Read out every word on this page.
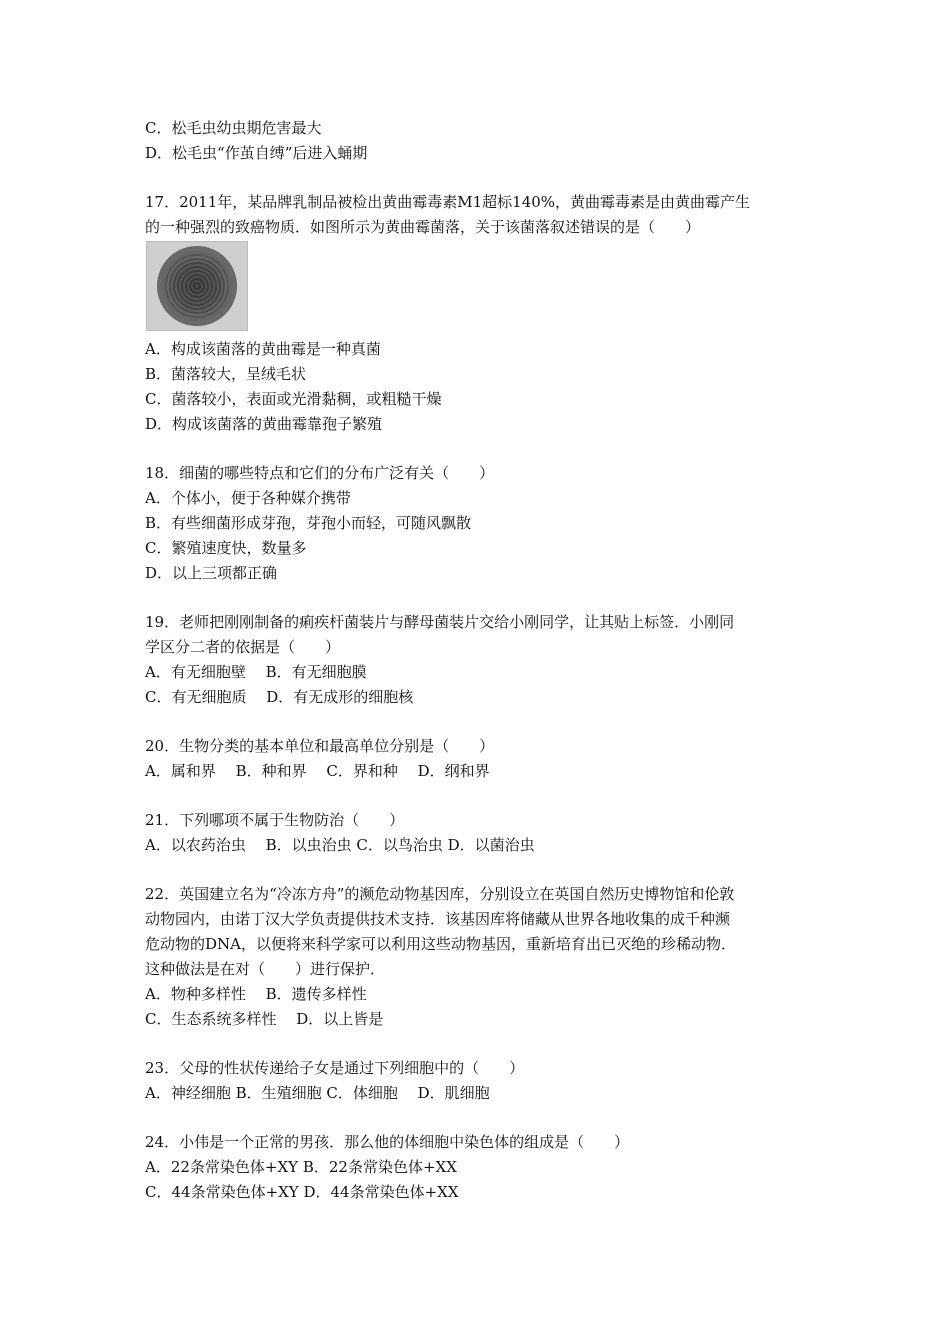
C．松毛虫幼虫期危害最大
D．松毛虫“作茧自缚”后进入蛹期
17．2011年，某品牌乳制品被检出黄曲霉毒素M1超标140%，黄曲霉毒素是由黄曲霉产生
的一种强烈的致癌物质．如图所示为黄曲霉菌落，关于该菌落叙述错误的是（　　）
A．构成该菌落的黄曲霉是一种真菌
B．菌落较大，呈绒毛状
C．菌落较小，表面或光滑黏稠，或粗糙干燥
D．构成该菌落的黄曲霉靠孢子繁殖
18．细菌的哪些特点和它们的分布广泛有关（　　）
A．个体小，便于各种媒介携带
B．有些细菌形成芽孢，芽孢小而轻，可随风飘散
C．繁殖速度快，数量多
D．以上三项都正确
19．老师把刚刚制备的痢疾杆菌装片与酵母菌装片交给小刚同学，让其贴上标签．小刚同
学区分二者的依据是（　　）
A．有无细胞壁　 B．有无细胞膜
C．有无细胞质　 D．有无成形的细胞核
20．生物分类的基本单位和最高单位分别是（　　）
A．属和界　 B．种和界　 C．界和种　 D．纲和界
21．下列哪项不属于生物防治（　　）
A．以农药治虫　 B．以虫治虫 C．以鸟治虫 D．以菌治虫
22．英国建立名为“冷冻方舟”的濒危动物基因库，分别设立在英国自然历史博物馆和伦敦
动物园内，由诺丁汉大学负责提供技术支持．该基因库将储藏从世界各地收集的成千种濒
危动物的DNA，以便将来科学家可以利用这些动物基因，重新培育出已灭绝的珍稀动物．
这种做法是在对（　　）进行保护．
A．物种多样性　 B．遗传多样性
C．生态系统多样性　 D．以上皆是
23．父母的性状传递给子女是通过下列细胞中的（　　）
A．神经细胞 B．生殖细胞 C．体细胞　 D．肌细胞
24．小伟是一个正常的男孩．那么他的体细胞中染色体的组成是（　　）
A．22条常染色体+XY B．22条常染色体+XX
C．44条常染色体+XY D．44条常染色体+XX
